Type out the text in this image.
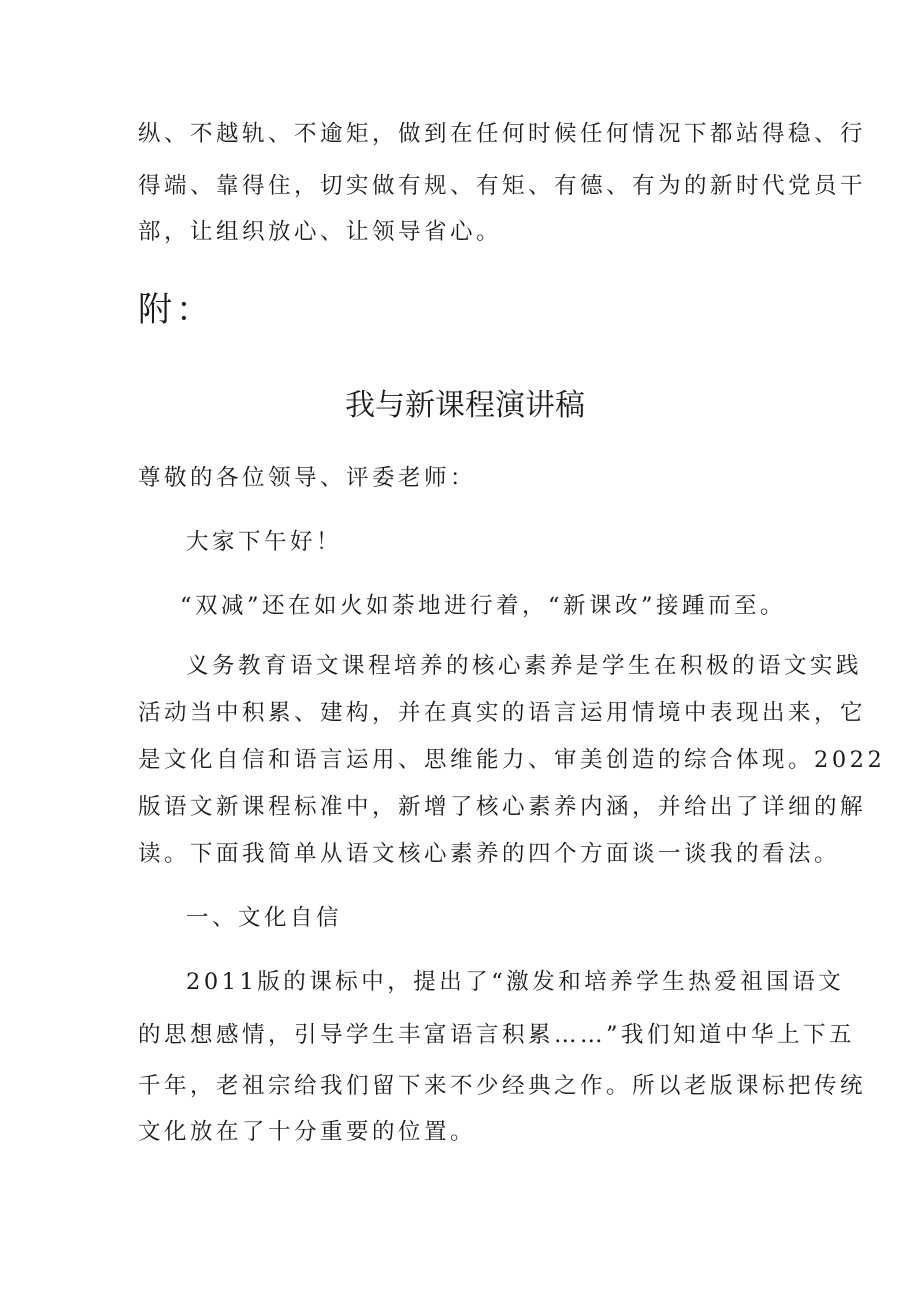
纵、不越轨、不逾矩，做到在任何时候任何情况下都站得稳、行
得端、靠得住，切实做有规、有矩、有德、有为的新时代党员干
部，让组织放心、让领导省心。
附：
我与新课程演讲稿
尊敬的各位领导、评委老师：
大家下午好！
“双减”还在如火如荼地进行着，“新课改”接踵而至。
义务教育语文课程培养的核心素养是学生在积极的语文实践
活动当中积累、建构，并在真实的语言运用情境中表现出来，它
是文化自信和语言运用、思维能力、审美创造的综合体现。2022
版语文新课程标准中，新增了核心素养内涵，并给出了详细的解
读。下面我简单从语文核心素养的四个方面谈一谈我的看法。
一、文化自信
2011版的课标中，提出了“激发和培养学生热爱祖国语文
的思想感情，引导学生丰富语言积累……”我们知道中华上下五
千年，老祖宗给我们留下来不少经典之作。所以老版课标把传统
文化放在了十分重要的位置。
